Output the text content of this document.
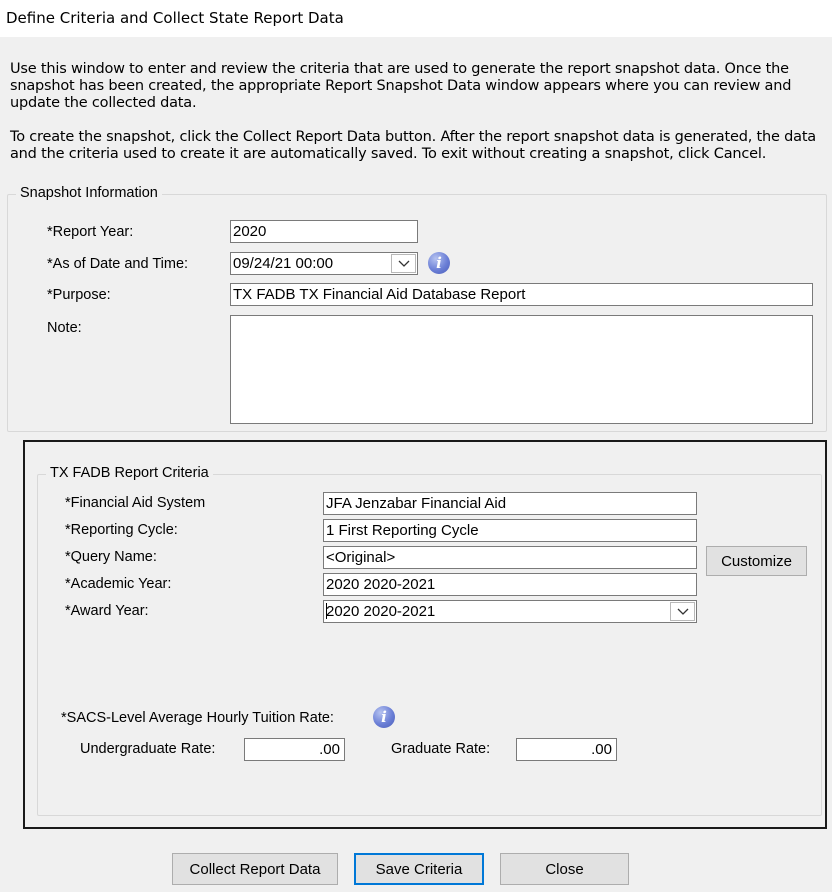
Define Criteria and Collect State Report Data
Use this window to enter and review the criteria that are used to generate the report snapshot data. Once the snapshot has been created, the appropriate Report Snapshot Data window appears where you can review and update the collected data.
To create the snapshot, click the Collect Report Data button. After the report snapshot data is generated, the data and the criteria used to create it are automatically saved. To exit without creating a snapshot, click Cancel.
Snapshot Information
*Report Year:	2020
*As of Date and Time:	09/24/21 00:00	i
*Purpose:	TX FADB TX Financial Aid Database Report
Note:
TX FADB Report Criteria
*Financial Aid System	JFA Jenzabar Financial Aid
*Reporting Cycle:	1 First Reporting Cycle
*Query Name:	<Original>	Customize
*Academic Year:	2020 2020-2021
*Award Year:	2020 2020-2021
*SACS-Level Average Hourly Tuition Rate:	i
Undergraduate Rate:	.00	Graduate Rate:	.00
Collect Report Data	Save Criteria	Close
